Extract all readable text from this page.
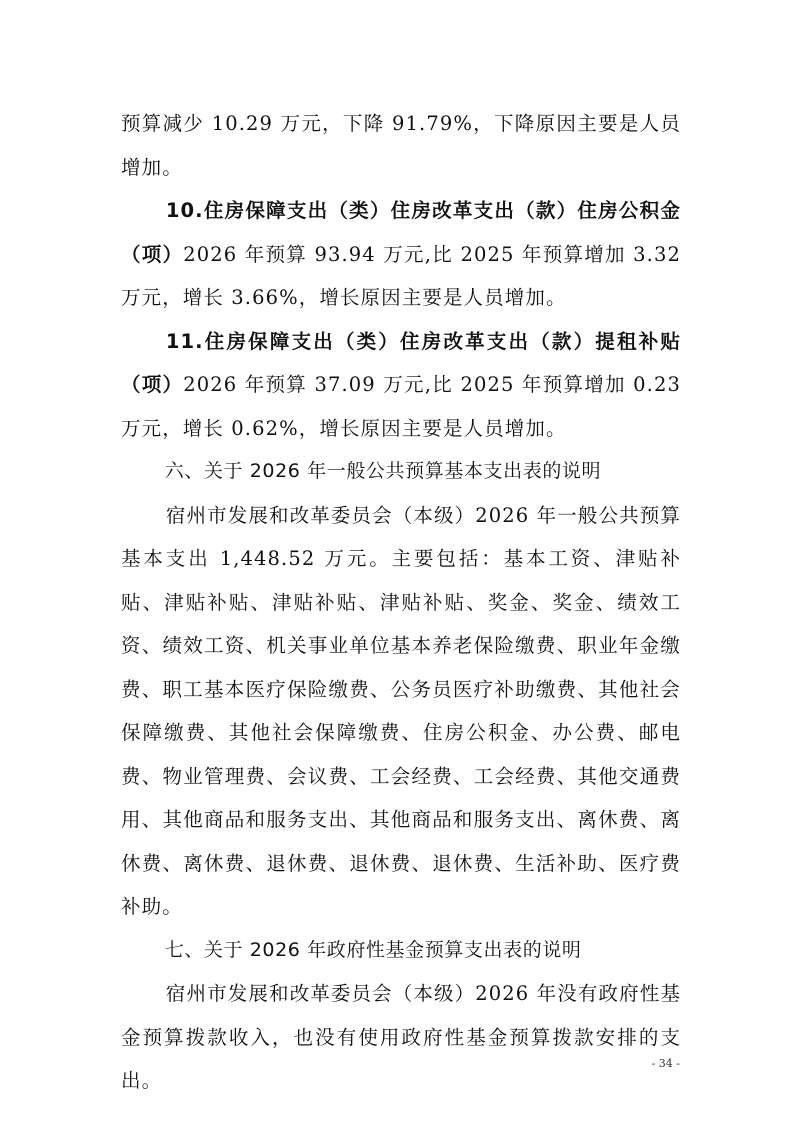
预算减少 10.29 万元，下降 91.79%，下降原因主要是人员增加。

10.住房保障支出（类）住房改革支出（款）住房公积金（项）2026 年预算 93.94 万元,比 2025 年预算增加 3.32 万元，增长 3.66%，增长原因主要是人员增加。

11.住房保障支出（类）住房改革支出（款）提租补贴（项）2026 年预算 37.09 万元,比 2025 年预算增加 0.23 万元，增长 0.62%，增长原因主要是人员增加。

六、关于 2026 年一般公共预算基本支出表的说明

宿州市发展和改革委员会（本级）2026 年一般公共预算基本支出 1,448.52 万元。主要包括：基本工资、津贴补贴、津贴补贴、津贴补贴、津贴补贴、奖金、奖金、绩效工资、绩效工资、机关事业单位基本养老保险缴费、职业年金缴费、职工基本医疗保险缴费、公务员医疗补助缴费、其他社会保障缴费、其他社会保障缴费、住房公积金、办公费、邮电费、物业管理费、会议费、工会经费、工会经费、其他交通费用、其他商品和服务支出、其他商品和服务支出、离休费、离休费、离休费、退休费、退休费、退休费、生活补助、医疗费补助。

七、关于 2026 年政府性基金预算支出表的说明

宿州市发展和改革委员会（本级）2026 年没有政府性基金预算拨款收入，也没有使用政府性基金预算拨款安排的支出。

- 34 -
